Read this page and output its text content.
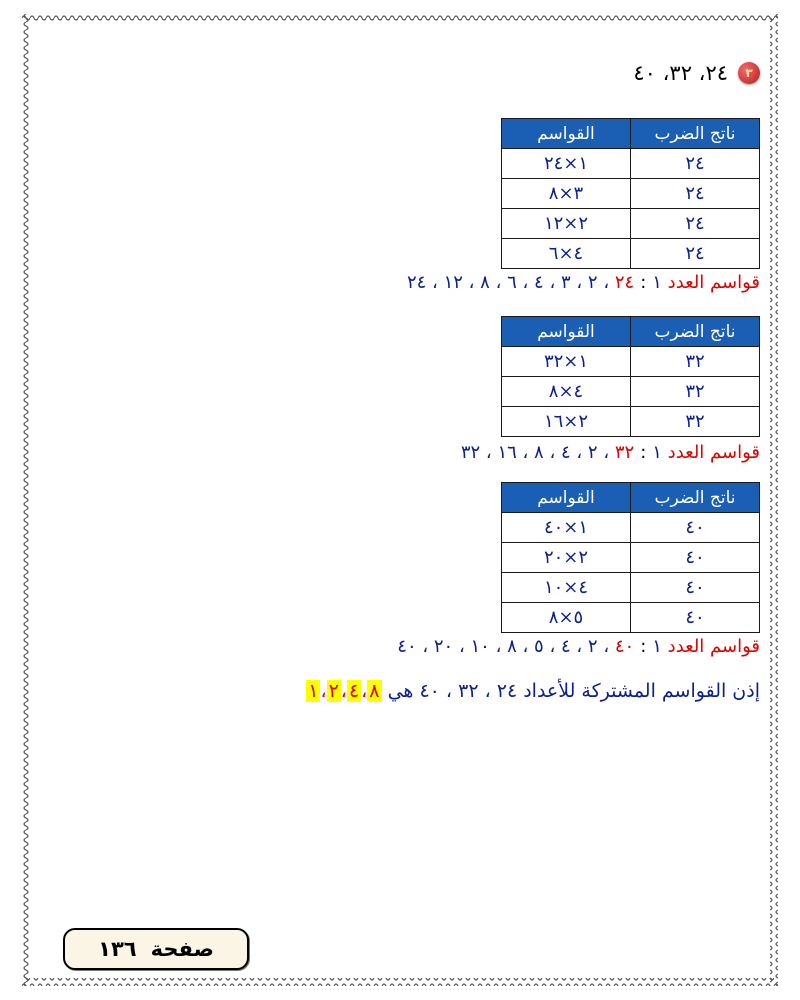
٣
٢٤، ٣٢، ٤٠
ناتج الضرب	القواسم
٢٤	١×٢٤
٢٤	٣×٨
٢٤	٢×١٢
٢٤	٤×٦
قواسم العدد ٢٤:١ ، ٢ ، ٣ ، ٤ ، ٦ ، ٨ ، ١٢ ، ٢٤
ناتج الضرب	القواسم
٣٢	١×٣٢
٣٢	٤×٨
٣٢	٢×١٦
قواسم العدد ٣٢:١ ، ٢ ، ٤ ، ٨ ، ١٦ ، ٣٢
ناتج الضرب	القواسم
٤٠	١×٤٠
٤٠	٢×٢٠
٤٠	٤×١٠
٤٠	٥×٨
قواسم العدد ٤٠:١ ، ٢ ، ٤ ، ٥ ، ٨ ، ١٠ ، ٢٠ ، ٤٠
إذن القواسم المشتركة للأعداد ٢٤ ، ٣٢ ، ٤٠ هي ١ ، ٢ ، ٤ ، ٨
صفحة
١٣٦
